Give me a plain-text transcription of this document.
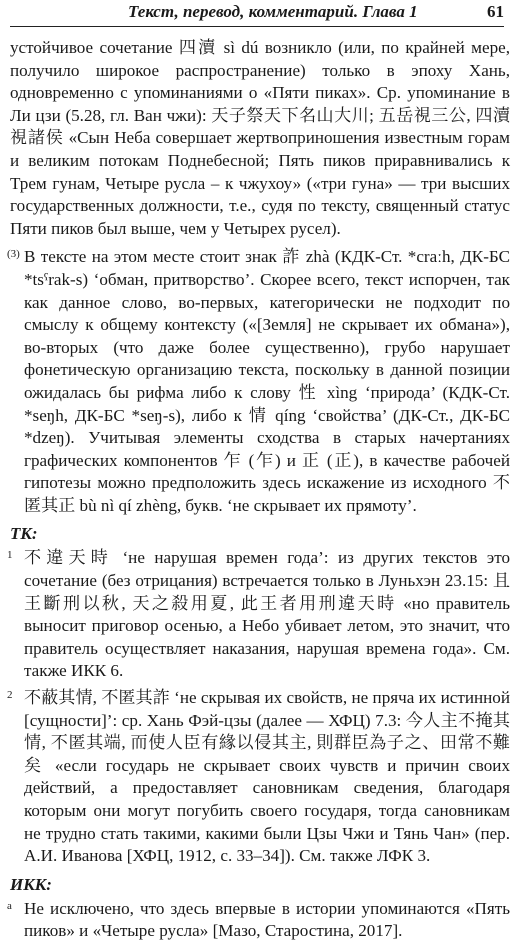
Текст, перевод, комментарий. Глава 1	61

устойчивое сочетание 四瀆 sì dú возникло (или, по крайней мере, получило широкое распространение) только в эпоху Хань, одновременно с упоминаниями о «Пяти пиках». Ср. упоминание в Ли цзи (5.28, гл. Ван чжи): 天子祭天下名山大川; 五岳視三公, 四瀆視諸侯 «Сын Неба совершает жертвоприношения известным горам и великим потокам Поднебесной; Пять пиков приравнивались к Трем гунам, Четыре русла – к чжухоу» («три гуна» — три высших государственных должности, т.е., судя по тексту, священный статус Пяти пиков был выше, чем у Четырех русел).

(3) В тексте на этом месте стоит знак 詐 zhà (КДК-Ст. *craːh, ДК-БС *tsˁrak-s) ‘обман, притворство’. Скорее всего, текст испорчен, так как данное слово, во-первых, категорически не подходит по смыслу к общему контексту («[Земля] не скрывает их обмана»), во-вторых (что даже более существенно), грубо нарушает фонетическую организацию текста, поскольку в данной позиции ожидалась бы рифма либо к слову 性 xìng ‘природа’ (КДК-Ст. *seŋh, ДК-БС *seŋ-s), либо к 情 qíng ‘свойства’ (ДК-Ст., ДК-БС *dzeŋ). Учитывая элементы сходства в старых начертаниях графических компонентов 乍 (乍) и 正 (正), в качестве рабочей гипотезы можно предположить здесь искажение из исходного 不匿其正 bù nì qí zhèng, букв. ‘не скрывает их прямоту’.

ТК:

1 不違天時 ‘не нарушая времен года’: из других текстов это сочетание (без отрицания) встречается только в Луньхэн 23.15: 且王斷刑以秋, 天之殺用夏, 此王者用刑違天時 «но правитель выносит приговор осенью, а Небо убивает летом, это значит, что правитель осуществляет наказания, нарушая времена года». См. также ИКК 6.

2 不蔽其情, 不匿其詐 ‘не скрывая их свойств, не пряча их истинной [сущности]’: ср. Хань Фэй-цзы (далее — ХФЦ) 7.3: 今人主不掩其情, 不匿其端, 而使人臣有緣以侵其主, 則群臣為子之、田常不難矣 «если государь не скрывает своих чувств и причин своих действий, а предоставляет сановникам сведения, благодаря которым они могут погубить своего государя, тогда сановникам не трудно стать такими, какими были Цзы Чжи и Тянь Чан» (пер. А.И. Иванова [ХФЦ, 1912, с. 33–34]). См. также ЛФК 3.

ИКК:

a Не исключено, что здесь впервые в истории упоминаются «Пять пиков» и «Четыре русла» [Мазо, Старостина, 2017].
